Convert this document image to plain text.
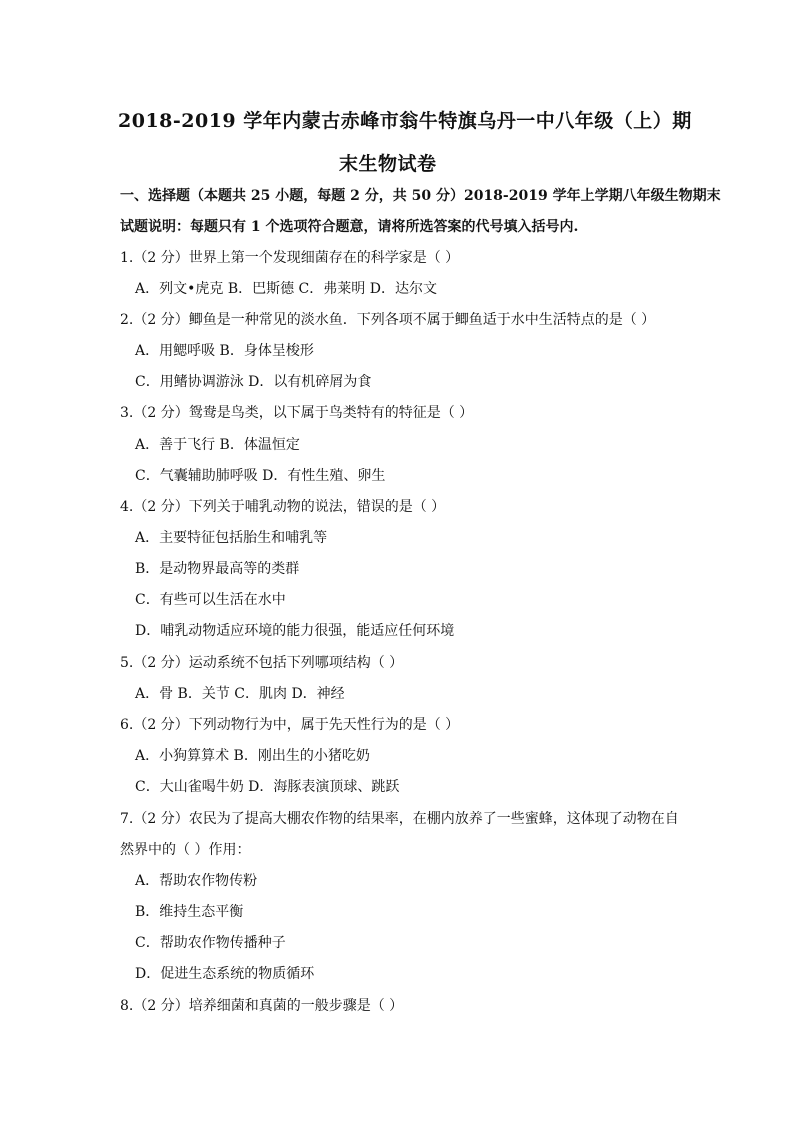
2018-2019 学年内蒙古赤峰市翁牛特旗乌丹一中八年级（上）期
末生物试卷
一、选择题（本题共 25 小题，每题 2 分，共 50 分）2018-2019 学年上学期八年级生物期末
试题说明：每题只有 1 个选项符合题意，请将所选答案的代号填入括号内.
1.（2 分）世界上第一个发现细菌存在的科学家是（ ）
A．列文•虎克 B．巴斯德 C．弗莱明 D．达尔文
2.（2 分）鲫鱼是一种常见的淡水鱼．下列各项不属于鲫鱼适于水中生活特点的是（ ）
A．用鳃呼吸 B．身体呈梭形
C．用鳍协调游泳 D．以有机碎屑为食
3.（2 分）鸳鸯是鸟类，以下属于鸟类特有的特征是（ ）
A．善于飞行 B．体温恒定
C．气囊辅助肺呼吸 D．有性生殖、卵生
4.（2 分）下列关于哺乳动物的说法，错误的是（ ）
A．主要特征包括胎生和哺乳等
B．是动物界最高等的类群
C．有些可以生活在水中
D．哺乳动物适应环境的能力很强，能适应任何环境
5.（2 分）运动系统不包括下列哪项结构（ ）
A．骨 B．关节 C．肌肉 D．神经
6.（2 分）下列动物行为中，属于先天性行为的是（ ）
A．小狗算算术 B．刚出生的小猪吃奶
C．大山雀喝牛奶 D．海豚表演顶球、跳跃
7.（2 分）农民为了提高大棚农作物的结果率，在棚内放养了一些蜜蜂，这体现了动物在自
然界中的（ ）作用：
A．帮助农作物传粉
B．维持生态平衡
C．帮助农作物传播种子
D．促进生态系统的物质循环
8.（2 分）培养细菌和真菌的一般步骤是（ ）
